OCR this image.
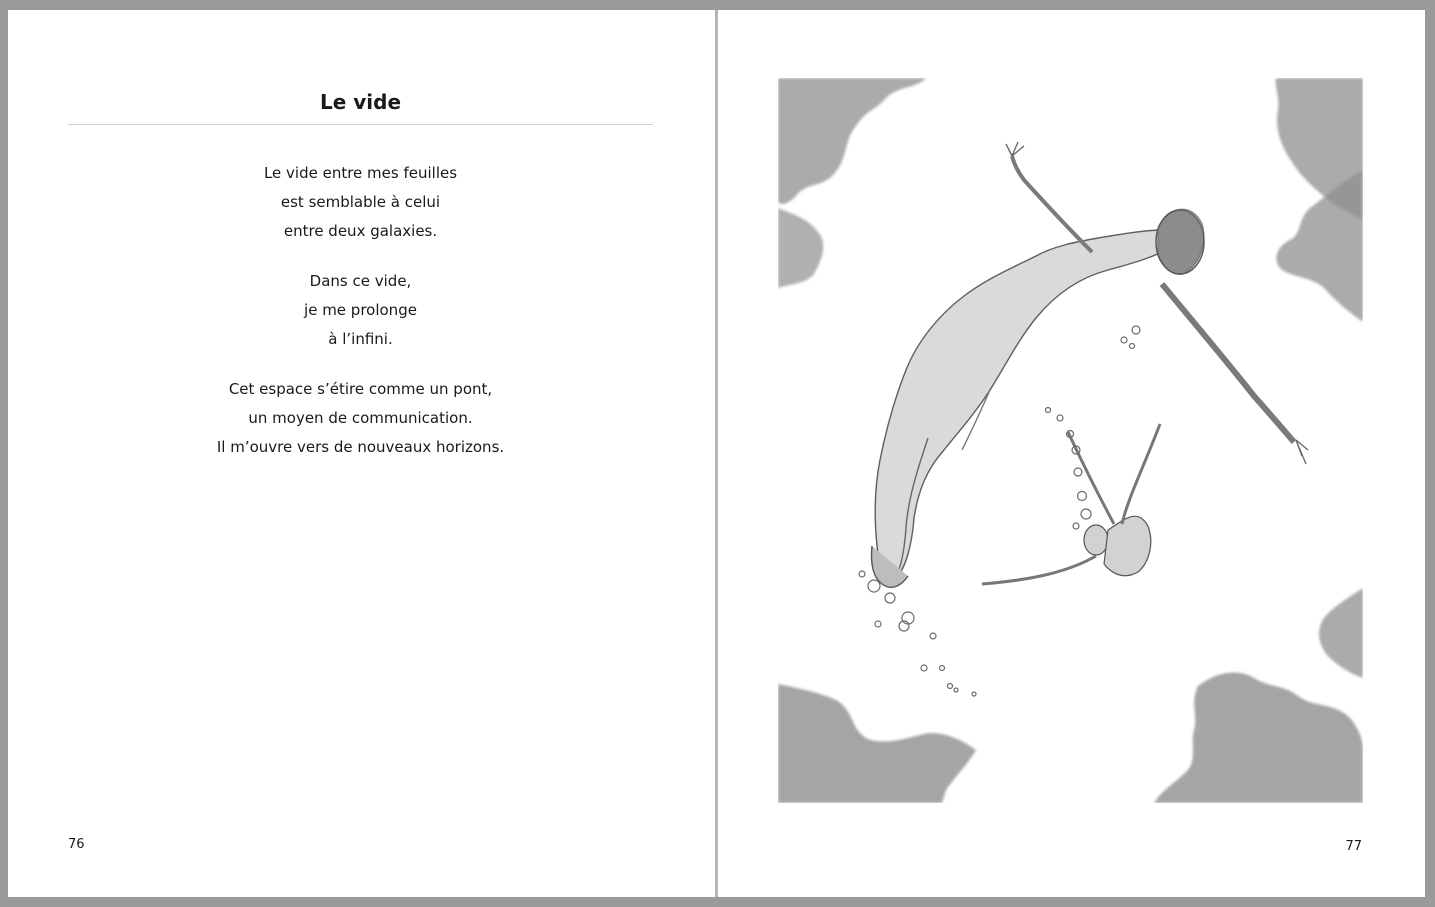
Le vide
Le vide entre mes feuilles
est semblable à celui
entre deux galaxies.
Dans ce vide,
je me prolonge
à l’infini.
Cet espace s’étire comme un pont,
un moyen de communication.
Il m’ouvre vers de nouveaux horizons.
76	77
